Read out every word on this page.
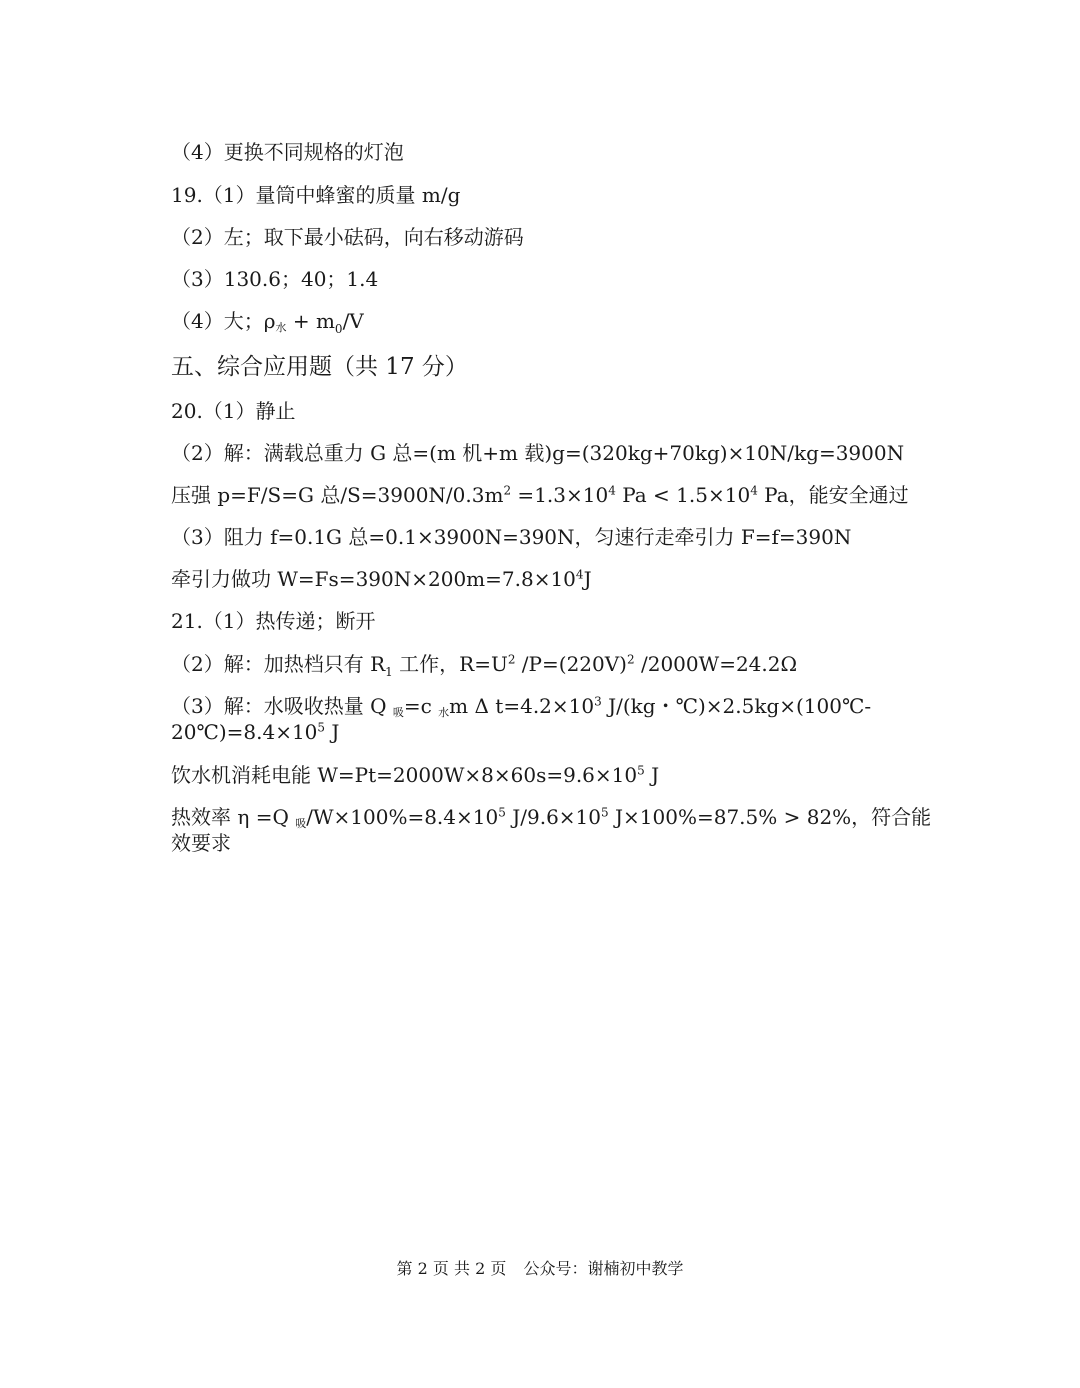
（4）更换不同规格的灯泡
19.（1）量筒中蜂蜜的质量 m/g
（2）左；取下最小砝码，向右移动游码
（3）130.6；40；1.4
（4）大；$\rho_水 + m_0/V$
五、综合应用题（共 17 分）
20.（1）静止
（2）解：满载总重力 G 总=(m 机+m 载)g=(320kg+70kg)×10N/kg=3900N
压强 p=F/S=G 总$/S=3900N/0.3m^2 =1.3\times 10^4$ $Pa < 1.5\times 10^4$ Pa，能安全通过
（3）阻力 f=0.1G 总=0.1×3900N=390N，匀速行走牵引力 F=f=390N
牵引力做功 $W=Fs=390N\times 200m=7.8\times 10^4J$
21.（1）热传递；断开
（2）解：加热档只有 $R_1$ 工作，$R=U^2$ $/P=(220V)^2$ /2000W=24.2Ω
（3）解：水吸收热量 Q $_吸$=c $_水$m Δ $t=4.2\times 10^3$ J/(kg・℃)×2.5kg×(100℃-
$20℃)=8.4\times 10^5$ J
饮水机消耗电能 $W=Pt=2000W\times 8\times 60s=9.6\times 10^5$ J
热效率 η =Q $_吸/W\times 100\%=8.4\times 10^5$ $J/9.6\times 10^5$ J×100%=87.5% > 82%，符合能
效要求
第 2 页 共 2 页 公众号：谢楠初中教学
